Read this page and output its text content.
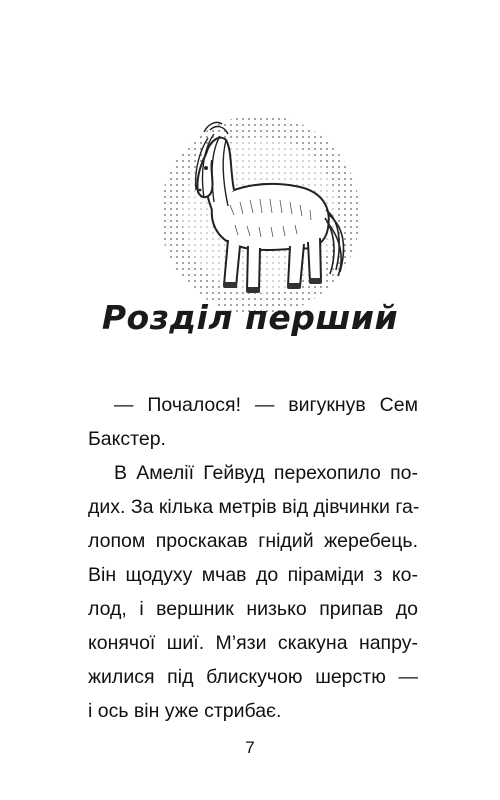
Розділ перший
— Почалося! — вигукнув Сем
Бакстер.
В Амелії Гейвуд перехопило по-
дих. За кілька метрів від дівчинки га-
лопом проскакав гнідий жеребець.
Він щодуху мчав до піраміди з ко-
лод, і вершник низько припав до
конячої шиї. М’язи скакуна напру-
жилися під блискучою шерстю —
і ось він уже стрибає.
7
